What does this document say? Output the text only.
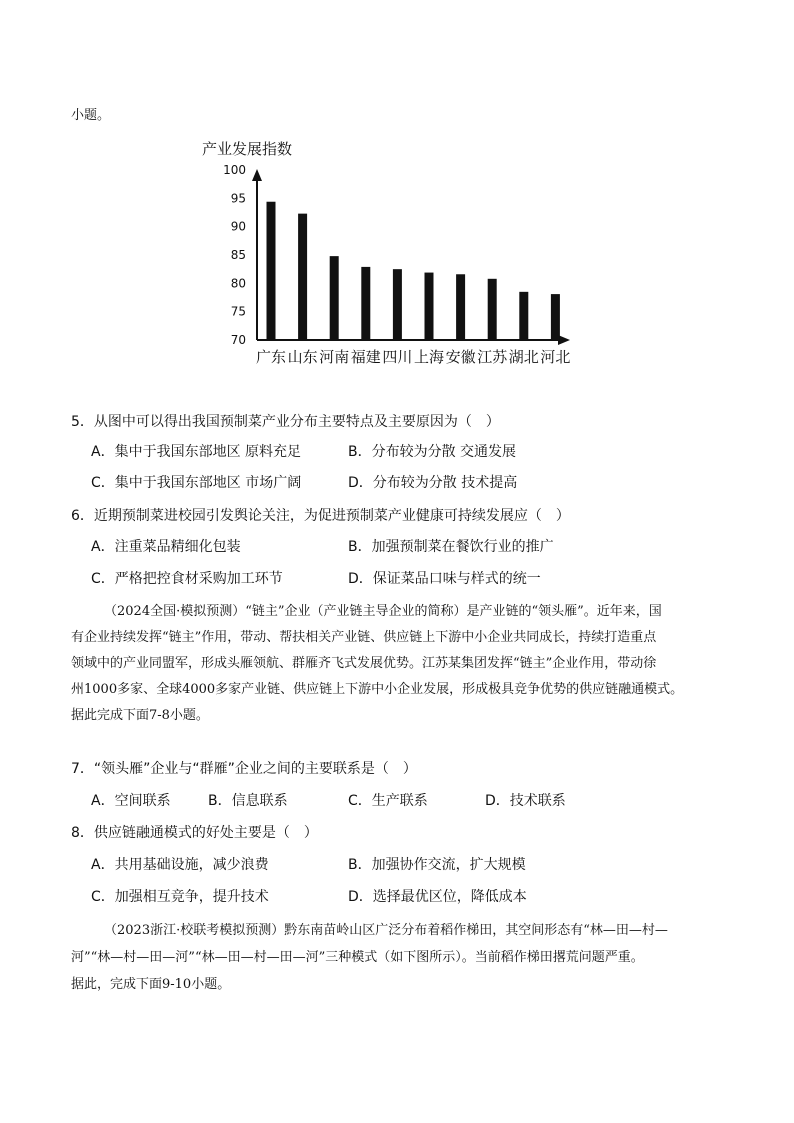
小题。
产业发展指数
100
95
90
85
80
75
70
广东 山东 河南 福建 四川 上海 安徽 江苏 湖北 河北
5．从图中可以得出我国预制菜产业分布主要特点及主要原因为（　）
A．集中于我国东部地区 原料充足	B．分布较为分散 交通发展
C．集中于我国东部地区 市场广阔	D．分布较为分散 技术提高
6．近期预制菜进校园引发舆论关注，为促进预制菜产业健康可持续发展应（　）
A．注重菜品精细化包装	B．加强预制菜在餐饮行业的推广
C．严格把控食材采购加工环节	D．保证菜品口味与样式的统一
（2024全国·模拟预测）“链主”企业（产业链主导企业的简称）是产业链的“领头雁”。近年来，国
有企业持续发挥“链主”作用，带动、帮扶相关产业链、供应链上下游中小企业共同成长，持续打造重点
领域中的产业同盟军，形成头雁领航、群雁齐飞式发展优势。江苏某集团发挥“链主”企业作用，带动徐
州1000多家、全球4000多家产业链、供应链上下游中小企业发展，形成极具竞争优势的供应链融通模式。
据此完成下面7-8小题。
7．“领头雁”企业与“群雁”企业之间的主要联系是（　）
A．空间联系	B．信息联系	C．生产联系	D．技术联系
8．供应链融通模式的好处主要是（　）
A．共用基础设施，减少浪费	B．加强协作交流，扩大规模
C．加强相互竞争，提升技术	D．选择最优区位，降低成本
（2023浙江·校联考模拟预测）黔东南苗岭山区广泛分布着稻作梯田，其空间形态有“林—田—村—
河”“林—村—田—河”“林—田—村—田—河”三种模式（如下图所示）。当前稻作梯田撂荒问题严重。
据此，完成下面9-10小题。
